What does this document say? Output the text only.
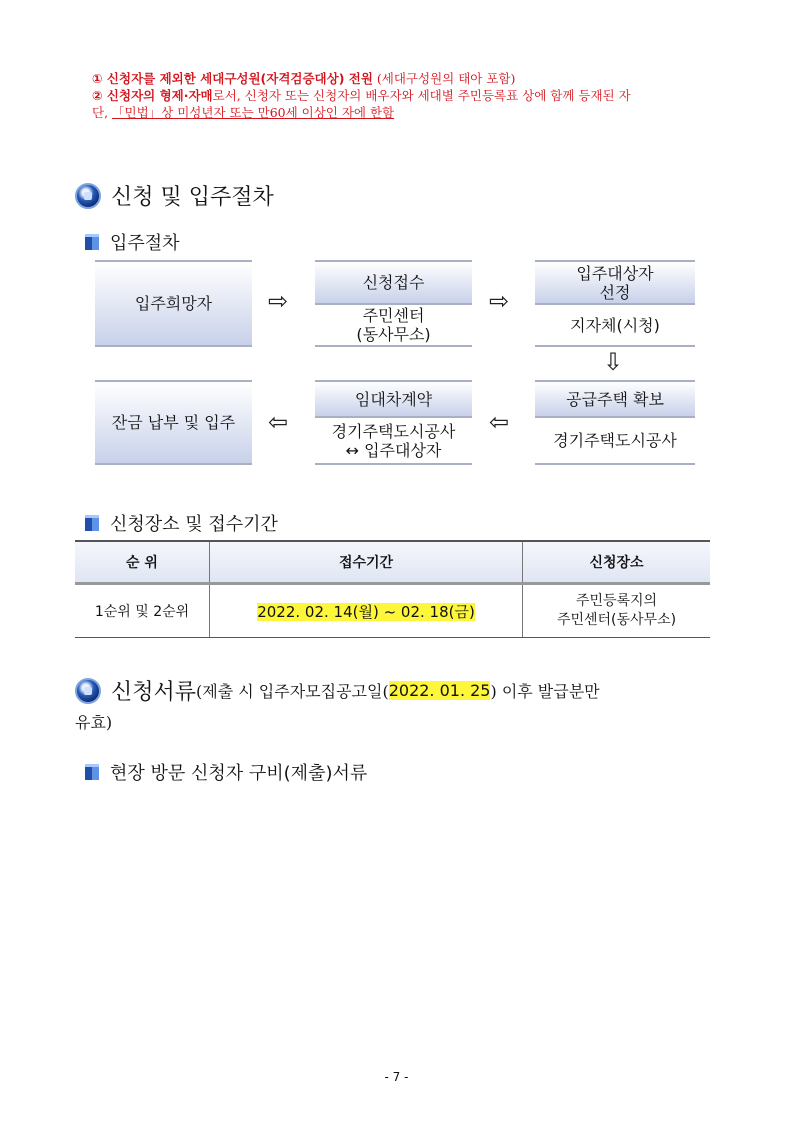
① 신청자를 제외한 세대구성원(자격검증대상) 전원 (세대구성원의 태아 포함)
② 신청자의 형제·자매로서, 신청자 또는 신청자의 배우자와 세대별 주민등록표 상에 함께 등재된 자
단, 「민법」상 미성년자 또는 만60세 이상인 자에 한함
신청 및 입주절차
입주절차
입주희망자 ⇨
신청접수
주민센터
(동사무소)
⇨
입주대상자
선정
지자체(시청)
⇩
잔금 납부 및 입주 ⇦
임대차계약
경기주택도시공사
↔ 입주대상자
⇦
공급주택 확보
경기주택도시공사
신청장소 및 접수기간
순 위	접수기간	신청장소
1순위 및 2순위	2022. 02. 14(월) ~ 02. 18(금)	주민등록지의
주민센터(동사무소)
신청서류 (제출 시 입주자모집공고일( 2022. 01. 25 ) 이후 발급분만
유효)
현장 방문 신청자 구비(제출)서류
- 7 -
